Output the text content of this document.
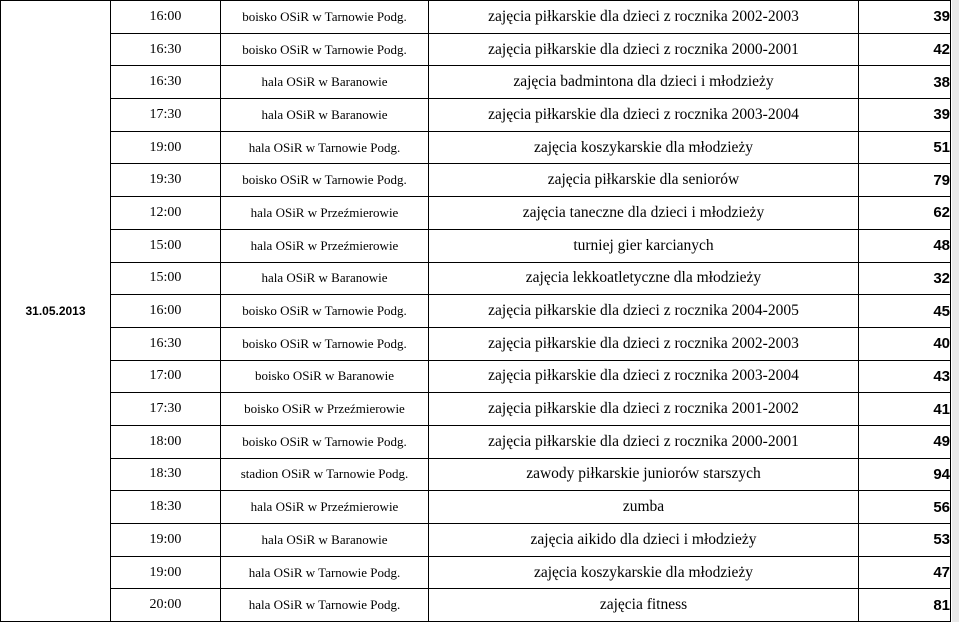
31.05.2013	16:00	boisko OSiR w Tarnowie Podg.	zajęcia piłkarskie dla dzieci z rocznika 2002-2003	39
	16:30	boisko OSiR w Tarnowie Podg.	zajęcia piłkarskie dla dzieci z rocznika 2000-2001	42
	16:30	hala OSiR w Baranowie	zajęcia badmintona dla dzieci i młodzieży	38
	17:30	hala OSiR w Baranowie	zajęcia piłkarskie dla dzieci z rocznika 2003-2004	39
	19:00	hala OSiR w Tarnowie Podg.	zajęcia koszykarskie dla młodzieży	51
	19:30	boisko OSiR w Tarnowie Podg.	zajęcia piłkarskie dla seniorów	79
	12:00	hala OSiR w Przeźmierowie	zajęcia taneczne dla dzieci i młodzieży	62
	15:00	hala OSiR w Przeźmierowie	turniej gier karcianych	48
	15:00	hala OSiR w Baranowie	zajęcia lekkoatletyczne dla młodzieży	32
	16:00	boisko OSiR w Tarnowie Podg.	zajęcia piłkarskie dla dzieci z rocznika 2004-2005	45
	16:30	boisko OSiR w Tarnowie Podg.	zajęcia piłkarskie dla dzieci z rocznika 2002-2003	40
	17:00	boisko OSiR w Baranowie	zajęcia piłkarskie dla dzieci z rocznika 2003-2004	43
	17:30	boisko OSiR w Przeźmierowie	zajęcia piłkarskie dla dzieci z rocznika 2001-2002	41
	18:00	boisko OSiR w Tarnowie Podg.	zajęcia piłkarskie dla dzieci z rocznika 2000-2001	49
	18:30	stadion OSiR w Tarnowie Podg.	zawody piłkarskie juniorów starszych	94
	18:30	hala OSiR w Przeźmierowie	zumba	56
	19:00	hala OSiR w Baranowie	zajęcia aikido dla dzieci i młodzieży	53
	19:00	hala OSiR w Tarnowie Podg.	zajęcia koszykarskie dla młodzieży	47
	20:00	hala OSiR w Tarnowie Podg.	zajęcia fitness	81
